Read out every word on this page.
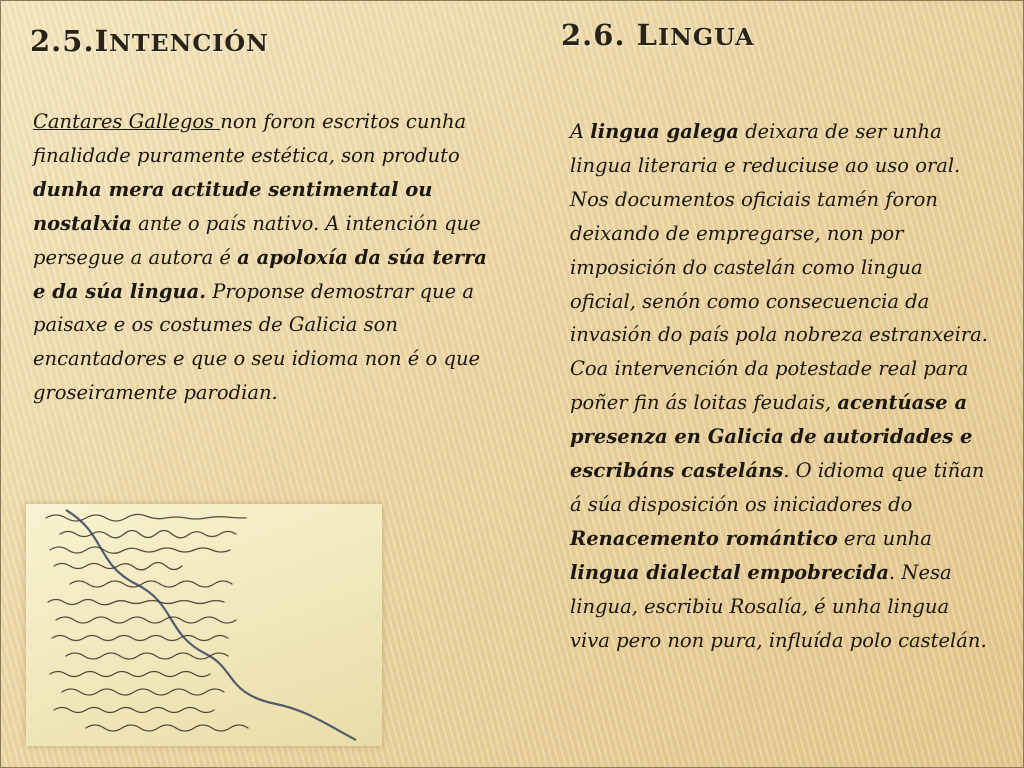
2.5.INTENCIÓN	2.6. LINGUA

Cantares Gallegos non foron escritos cunha finalidade puramente estética, son produto dunha mera actitude sentimental ou nostalxia ante o país nativo. A intención que persegue a autora é a apoloxía da súa terra e da súa lingua. Proponse demostrar que a paisaxe e os costumes de Galicia son encantadores e que o seu idioma non é o que groseiramente parodian.

A lingua galega deixara de ser unha lingua literaria e reduciuse ao uso oral. Nos documentos oficiais tamén foron deixando de empregarse, non por imposición do castelán como lingua oficial, senón como consecuencia da invasión do país pola nobreza estranxeira. Coa intervención da potestade real para poñer fin ás loitas feudais, acentúase a presenza en Galicia de autoridades e escribáns casteláns. O idioma que tiñan á súa disposición os iniciadores do Renacemento romántico era unha lingua dialectal empobrecida. Nesa lingua, escribiu Rosalía, é unha lingua viva pero non pura, influída polo castelán.
